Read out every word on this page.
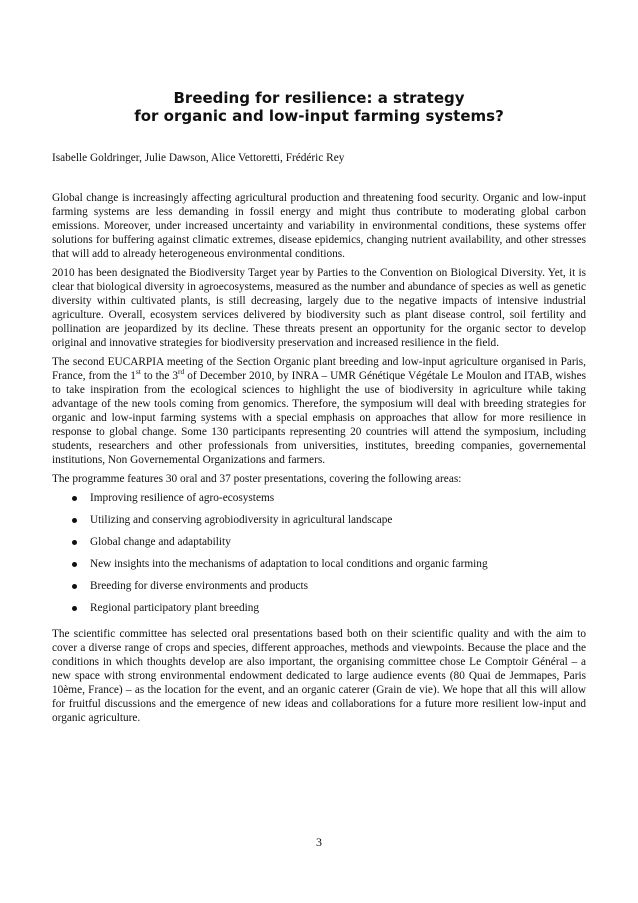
Breeding for resilience: a strategy
for organic and low-input farming systems?
Isabelle Goldringer, Julie Dawson, Alice Vettoretti, Frédéric Rey

Global change is increasingly affecting agricultural production and threatening food security. Organic and low-input farming systems are less demanding in fossil energy and might thus contribute to moderating global carbon emissions. Moreover, under increased uncertainty and variability in environmental conditions, these systems offer solutions for buffering against climatic extremes, disease epidemics, changing nutrient availability, and other stresses that will add to already heterogeneous environmental conditions.

2010 has been designated the Biodiversity Target year by Parties to the Convention on Biological Diversity. Yet, it is clear that biological diversity in agroecosystems, measured as the number and abundance of species as well as genetic diversity within cultivated plants, is still decreasing, largely due to the negative impacts of intensive industrial agriculture. Overall, ecosystem services delivered by biodiversity such as plant disease control, soil fertility and pollination are jeopardized by its decline. These threats present an opportunity for the organic sector to develop original and innovative strategies for biodiversity preservation and increased resilience in the field.

The second EUCARPIA meeting of the Section Organic plant breeding and low-input agriculture organised in Paris, France, from the 1st to the 3rd of December 2010, by INRA – UMR Génétique Végétale Le Moulon and ITAB, wishes to take inspiration from the ecological sciences to highlight the use of biodiversity in agriculture while taking advantage of the new tools coming from genomics. Therefore, the symposium will deal with breeding strategies for organic and low-input farming systems with a special emphasis on approaches that allow for more resilience in response to global change. Some 130 participants representing 20 countries will attend the symposium, including students, researchers and other professionals from universities, institutes, breeding companies, governemental institutions, Non Governemental Organizations and farmers.

The programme features 30 oral and 37 poster presentations, covering the following areas:

Improving resilience of agro-ecosystems
Utilizing and conserving agrobiodiversity in agricultural landscape
Global change and adaptability
New insights into the mechanisms of adaptation to local conditions and organic farming
Breeding for diverse environments and products
Regional participatory plant breeding

The scientific committee has selected oral presentations based both on their scientific quality and with the aim to cover a diverse range of crops and species, different approaches, methods and viewpoints. Because the place and the conditions in which thoughts develop are also important, the organising committee chose Le Comptoir Général – a new space with strong environmental endowment dedicated to large audience events (80 Quai de Jemmapes, Paris 10ème, France) – as the location for the event, and an organic caterer (Grain de vie). We hope that all this will allow for fruitful discussions and the emergence of new ideas and collaborations for a future more resilient low-input and organic agriculture.

3
